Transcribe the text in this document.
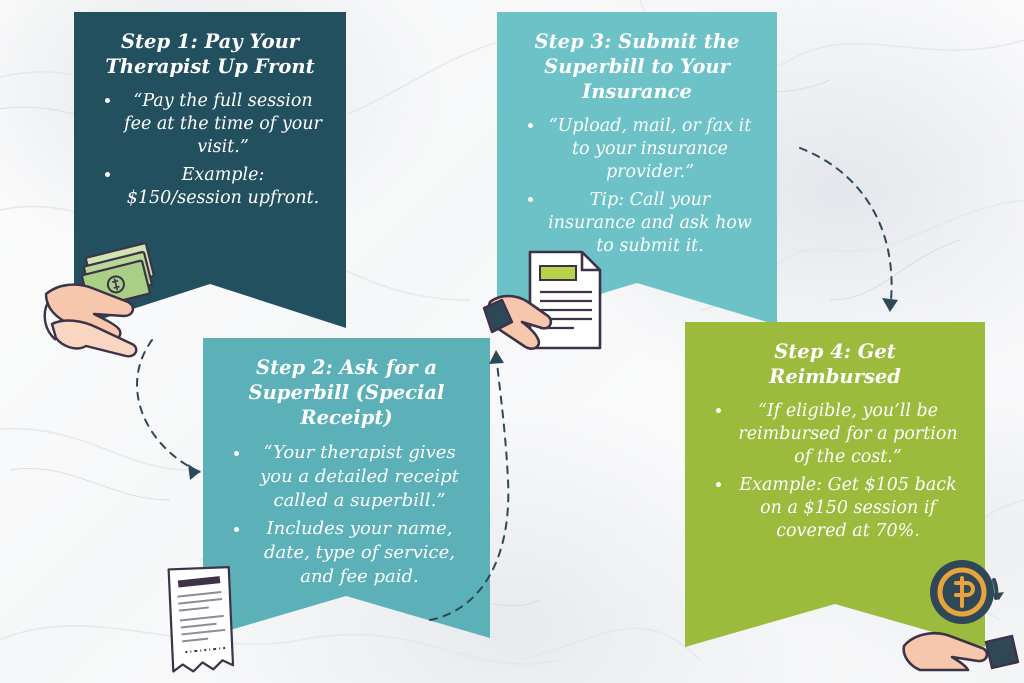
Step 1: Pay Your Therapist Up Front
• “Pay the full session fee at the time of your visit.”
• Example: $150/session upfront.
Step 2: Ask for a Superbill (Special Receipt)
• “Your therapist gives you a detailed receipt called a superbill.”
• Includes your name, date, type of service, and fee paid.
Step 3: Submit the Superbill to Your Insurance
• “Upload, mail, or fax it to your insurance provider.”
• Tip: Call your insurance and ask how to submit it.
Step 4: Get Reimbursed
• “If eligible, you’ll be reimbursed for a portion of the cost.”
• Example: Get $105 back on a $150 session if covered at 70%.
